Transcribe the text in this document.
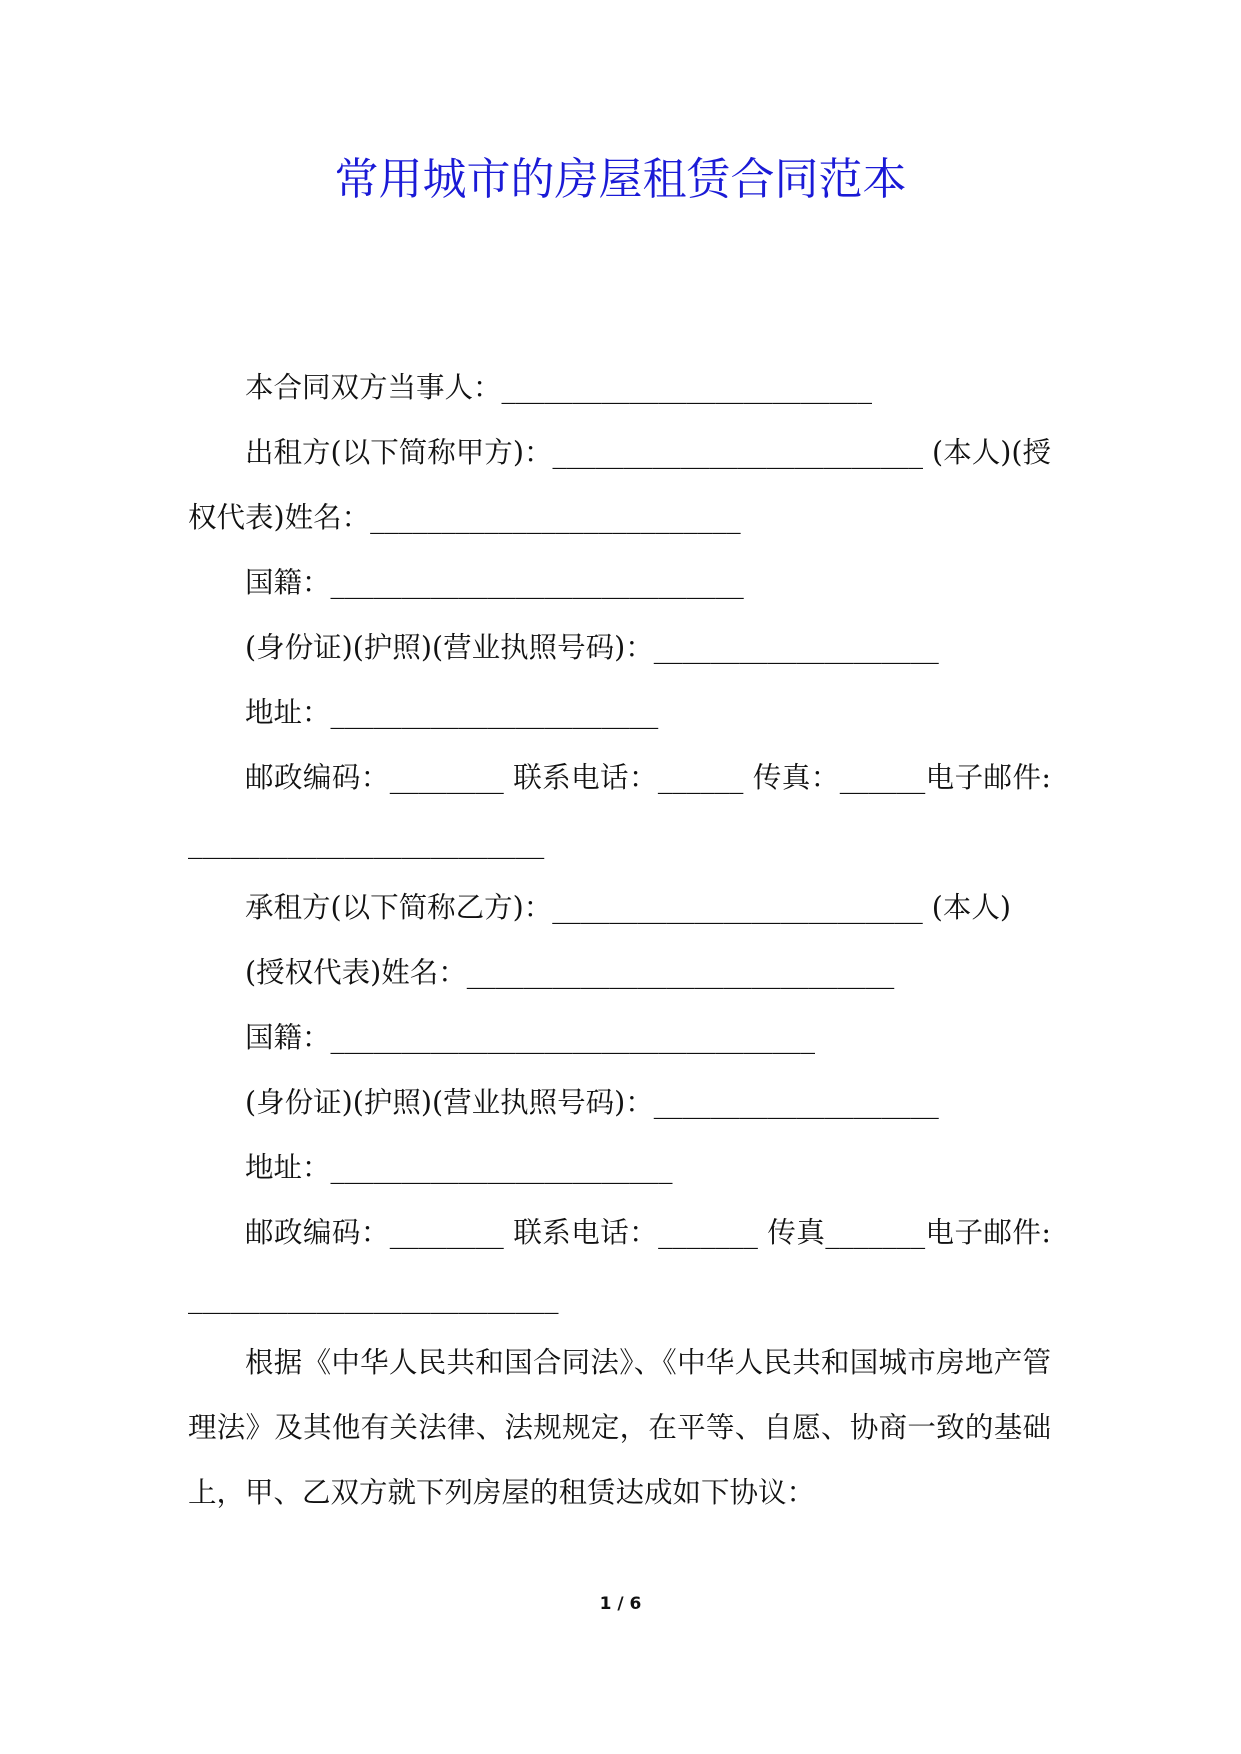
常用城市的房屋租赁合同范本

本合同双方当事人：__________________________

出租方(以下简称甲方)：__________________________ (本人)(授权代表)姓名：__________________________

国籍：_____________________________

(身份证)(护照)(营业执照号码)：____________________

地址：_______________________

邮政编码：________ 联系电话：______ 传真：______电子邮件:_________________________

承租方(以下简称乙方)：__________________________ (本人)

(授权代表)姓名：______________________________

国籍：__________________________________

(身份证)(护照)(营业执照号码)：____________________

地址：________________________

邮政编码：________ 联系电话：_______ 传真_______电子邮件:__________________________

根据《中华人民共和国合同法》、《中华人民共和国城市房地产管理法》及其他有关法律、法规规定，在平等、自愿、协商一致的基础上，甲、乙双方就下列房屋的租赁达成如下协议：

1 / 6
